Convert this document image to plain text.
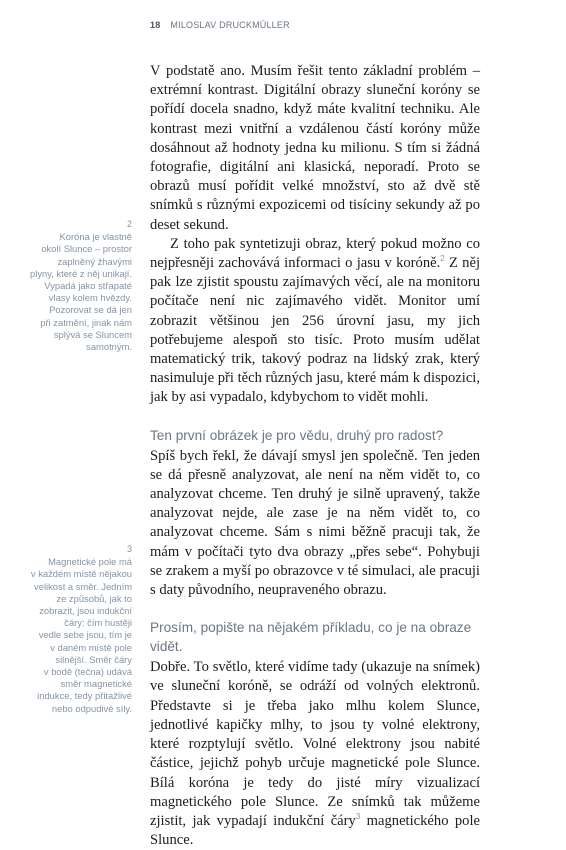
18 MILOSLAV DRUCKMÜLLER
2
Koróna je vlastně
okolí Slunce – prostor
zaplněný žhavými
plyny, které z něj unikají.
Vypadá jako střapaté
vlasy kolem hvězdy.
Pozorovat se dá jen
při zatmění, jinak nám
splývá se Sluncem
samotným.
3
Magnetické pole má
v každém místě nějakou
velikost a směr. Jedním
ze způsobů, jak to
zobrazit, jsou indukční
čáry: čím hustěji
vedle sebe jsou, tím je
v daném místě pole
silnější. Směr čáry
v bodě (tečna) udává
směr magnetické
indukce, tedy přitažlivé
nebo odpudivé síly.

V podstatě ano. Musím řešit tento základní problém – extrémní kontrast. Digitální obrazy sluneční koróny se pořídí docela snadno, když máte kvalitní techniku. Ale kontrast mezi vnitřní a vzdálenou částí koróny může dosáhnout až hodnoty jedna ku milionu. S tím si žádná fotografie, digitální ani klasická, neporadí. Proto se obrazů musí pořídit velké množství, sto až dvě stě snímků s různými expozicemi od tisíciny sekundy až po deset sekund.

Z toho pak syntetizuji obraz, který pokud možno co nejpřesněji zachovává informaci o jasu v koróně.$^2$ Z něj pak lze zjistit spoustu zajímavých věcí, ale na monitoru počítače není nic zajímavého vidět. Monitor umí zobrazit většinou jen 256 úrovní jasu, my jich potřebujeme alespoň sto tisíc. Proto musím udělat matematický trik, takový podraz na lidský zrak, který nasimuluje při těch různých jasu, které mám k dispozici, jak by asi vypadalo, kdybychom to vidět mohli.

Ten první obrázek je pro vědu, druhý pro radost?

Spíš bych řekl, že dávají smysl jen společně. Ten jeden se dá přesně analyzovat, ale není na něm vidět to, co analyzovat chceme. Ten druhý je silně upravený, takže analyzovat nejde, ale zase je na něm vidět to, co analyzovat chceme. Sám s nimi běžně pracuji tak, že mám v počítači tyto dva obrazy „přes sebe“. Pohybuji se zrakem a myší po obrazovce v té simulaci, ale pracuji s daty původního, neupraveného obrazu.

Prosím, popište na nějakém příkladu, co je na obraze vidět.

Dobře. To světlo, které vidíme tady (ukazuje na snímek) ve sluneční koróně, se odráží od volných elektronů. Představte si je třeba jako mlhu kolem Slunce, jednotlivé kapičky mlhy, to jsou ty volné elektrony, které rozptylují světlo. Volné elektrony jsou nabité částice, jejichž pohyb určuje magnetické pole Slunce. Bílá koróna je tedy do jisté míry vizualizací magnetického pole Slunce. Ze snímků tak můžeme zjistit, jak vypadají indukční čáry$^3$ magnetického pole Slunce.
